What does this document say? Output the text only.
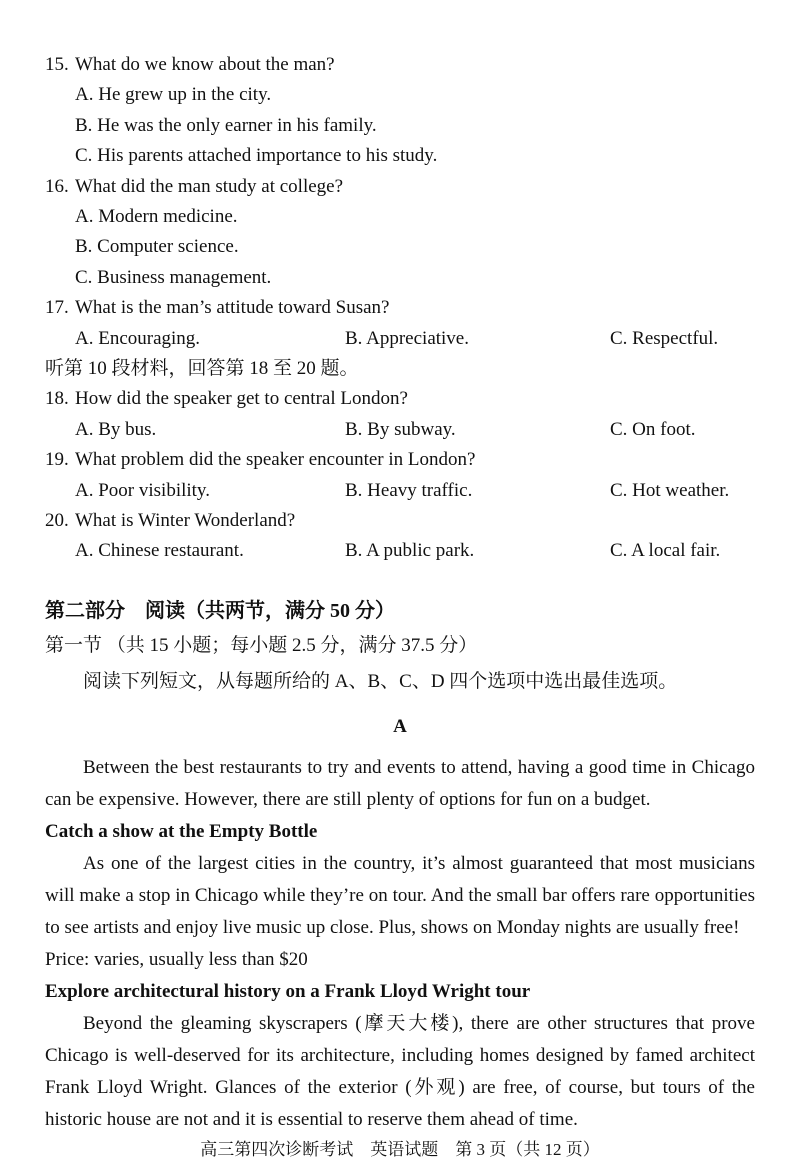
15. What do we know about the man?
A. He grew up in the city.
B. He was the only earner in his family.
C. His parents attached importance to his study.
16. What did the man study at college?
A. Modern medicine.
B. Computer science.
C. Business management.
17. What is the man’s attitude toward Susan?
A. Encouraging.	B. Appreciative.	C. Respectful.
听第 10 段材料，回答第 18 至 20 题。
18. How did the speaker get to central London?
A. By bus.	B. By subway.	C. On foot.
19. What problem did the speaker encounter in London?
A. Poor visibility.	B. Heavy traffic.	C. Hot weather.
20. What is Winter Wonderland?
A. Chinese restaurant.	B. A public park.	C. A local fair.
第二部分　阅读（共两节，满分 50 分）
第一节 （共 15 小题；每小题 2.5 分，满分 37.5 分）
阅读下列短文，从每题所给的 A、B、C、D 四个选项中选出最佳选项。
A

Between the best restaurants to try and events to attend, having a good time in Chicago can be expensive. However, there are still plenty of options for fun on a budget.

Catch a show at the Empty Bottle

As one of the largest cities in the country, it’s almost guaranteed that most musicians will make a stop in Chicago while they’re on tour. And the small bar offers rare opportunities to see artists and enjoy live music up close. Plus, shows on Monday nights are usually free!

Price: varies, usually less than $20

Explore architectural history on a Frank Lloyd Wright tour

Beyond the gleaming skyscrapers (摩天大楼), there are other structures that prove Chicago is well-deserved for its architecture, including homes designed by famed architect Frank Lloyd Wright. Glances of the exterior (外观) are free, of course, but tours of the historic house are not and it is essential to reserve them ahead of time.

高三第四次诊断考试　英语试题　第 3 页（共 12 页）
